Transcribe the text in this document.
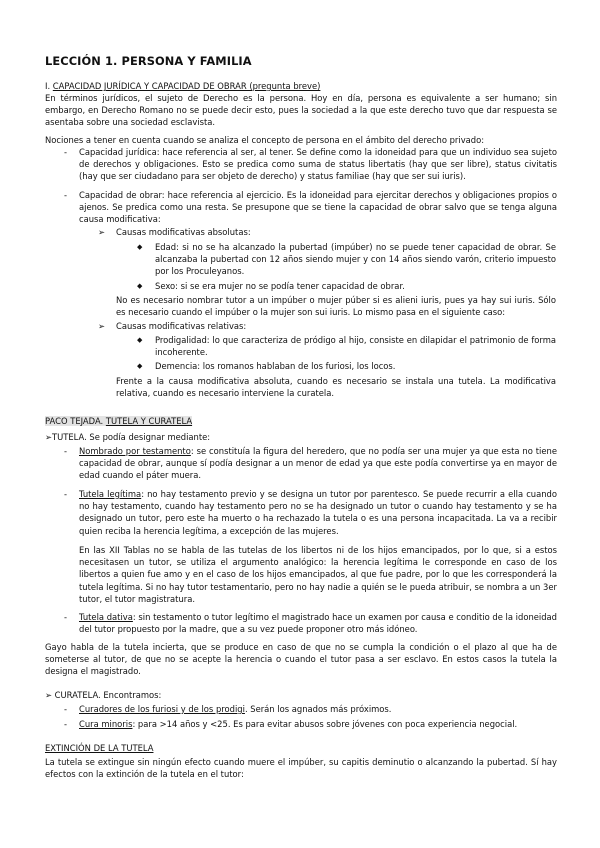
LECCIÓN 1. PERSONA Y FAMILIA

I. CAPACIDAD JURÍDICA Y CAPACIDAD DE OBRAR (pregunta breve)

En términos jurídicos, el sujeto de Derecho es la persona. Hoy en día, persona es equivalente a ser humano; sin embargo, en Derecho Romano no se puede decir esto, pues la sociedad a la que este derecho tuvo que dar respuesta se asentaba sobre una sociedad esclavista.

Nociones a tener en cuenta cuando se analiza el concepto de persona en el ámbito del derecho privado:

- Capacidad jurídica: hace referencia al ser, al tener. Se define como la idoneidad para que un individuo sea sujeto de derechos y obligaciones. Esto se predica como suma de status libertatis (hay que ser libre), status civitatis (hay que ser ciudadano para ser objeto de derecho) y status familiae (hay que ser sui iuris).

- Capacidad de obrar: hace referencia al ejercicio. Es la idoneidad para ejercitar derechos y obligaciones propios o ajenos. Se predica como una resta. Se presupone que se tiene la capacidad de obrar salvo que se tenga alguna causa modificativa:

➢ Causas modificativas absolutas:

◆ Edad: si no se ha alcanzado la pubertad (impúber) no se puede tener capacidad de obrar. Se alcanzaba la pubertad con 12 años siendo mujer y con 14 años siendo varón, criterio impuesto por los Proculeyanos.

◆ Sexo: si se era mujer no se podía tener capacidad de obrar.

No es necesario nombrar tutor a un impúber o mujer púber si es alieni iuris, pues ya hay sui iuris. Sólo es necesario cuando el impúber o la mujer son sui iuris. Lo mismo pasa en el siguiente caso:

➢ Causas modificativas relativas:

◆ Prodigalidad: lo que caracteriza de pródigo al hijo, consiste en dilapidar el patrimonio de forma incoherente.

◆ Demencia: los romanos hablaban de los furiosi, los locos.

Frente a la causa modificativa absoluta, cuando es necesario se instala una tutela. La modificativa relativa, cuando es necesario interviene la curatela.

PACO TEJADA. TUTELA Y CURATELA

➢TUTELA. Se podía designar mediante:

- Nombrado por testamento: se constituía la figura del heredero, que no podía ser una mujer ya que esta no tiene capacidad de obrar, aunque sí podía designar a un menor de edad ya que este podía convertirse ya en mayor de edad cuando el páter muera.

- Tutela legítima: no hay testamento previo y se designa un tutor por parentesco. Se puede recurrir a ella cuando no hay testamento, cuando hay testamento pero no se ha designado un tutor o cuando hay testamento y se ha designado un tutor, pero este ha muerto o ha rechazado la tutela o es una persona incapacitada. La va a recibir quien reciba la herencia legítima, a excepción de las mujeres.

En las XII Tablas no se habla de las tutelas de los libertos ni de los hijos emancipados, por lo que, si a estos necesitasen un tutor, se utiliza el argumento analógico: la herencia legítima le corresponde en caso de los libertos a quien fue amo y en el caso de los hijos emancipados, al que fue padre, por lo que les corresponderá la tutela legítima. Si no hay tutor testamentario, pero no hay nadie a quién se le pueda atribuir, se nombra a un 3er tutor, el tutor magistratura.

- Tutela dativa: sin testamento o tutor legítimo el magistrado hace un examen por causa e conditio de la idoneidad del tutor propuesto por la madre, que a su vez puede proponer otro más idóneo.

Gayo habla de la tutela incierta, que se produce en caso de que no se cumpla la condición o el plazo al que ha de someterse al tutor, de que no se acepte la herencia o cuando el tutor pasa a ser esclavo. En estos casos la tutela la designa el magistrado.

➢ CURATELA. Encontramos:

- Curadores de los furiosi y de los prodigi. Serán los agnados más próximos.

- Cura minoris: para >14 años y <25. Es para evitar abusos sobre jóvenes con poca experiencia negocial.

EXTINCIÓN DE LA TUTELA

La tutela se extingue sin ningún efecto cuando muere el impúber, su capitis deminutio o alcanzando la pubertad. Sí hay efectos con la extinción de la tutela en el tutor:
